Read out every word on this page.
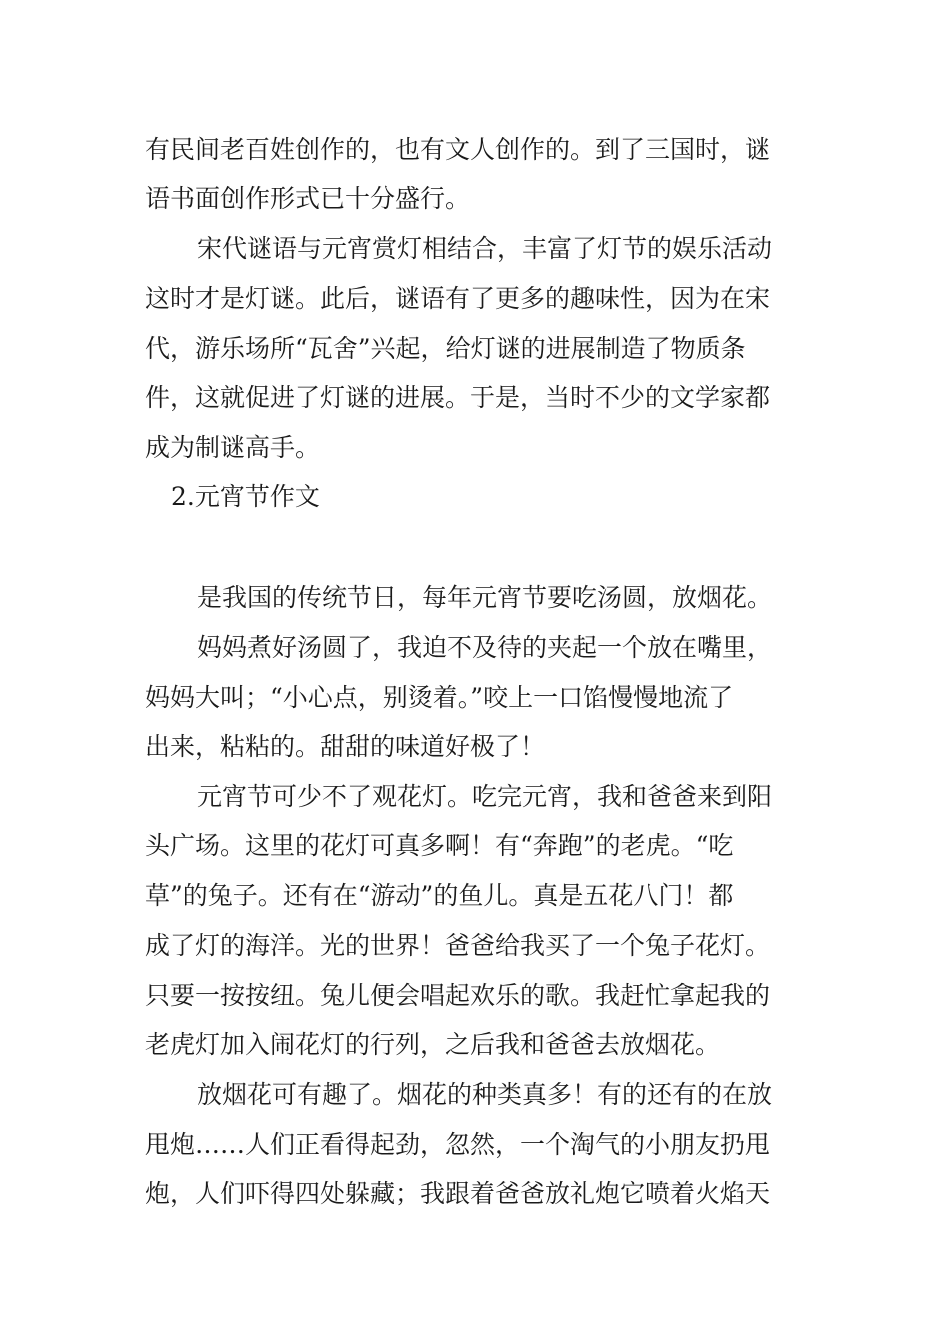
有民间老百姓创作的，也有文人创作的。到了三国时，谜
语书面创作形式已十分盛行。
宋代谜语与元宵赏灯相结合，丰富了灯节的娱乐活动
这时才是灯谜。此后，谜语有了更多的趣味性，因为在宋
代，游乐场所“瓦舍”兴起，给灯谜的进展制造了物质条
件，这就促进了灯谜的进展。于是，当时不少的文学家都
成为制谜高手。
2.元宵节作文
是我国的传统节日，每年元宵节要吃汤圆，放烟花。
妈妈煮好汤圆了，我迫不及待的夹起一个放在嘴里，
妈妈大叫；“小心点，别烫着。”咬上一口馅慢慢地流了
出来，粘粘的。甜甜的味道好极了！
元宵节可少不了观花灯。吃完元宵，我和爸爸来到阳
头广场。这里的花灯可真多啊！有“奔跑”的老虎。“吃
草”的兔子。还有在“游动”的鱼儿。真是五花八门！都
成了灯的海洋。光的世界！爸爸给我买了一个兔子花灯。
只要一按按纽。兔儿便会唱起欢乐的歌。我赶忙拿起我的
老虎灯加入闹花灯的行列，之后我和爸爸去放烟花。
放烟花可有趣了。烟花的种类真多！有的还有的在放
甩炮……人们正看得起劲，忽然，一个淘气的小朋友扔甩
炮，人们吓得四处躲藏；我跟着爸爸放礼炮它喷着火焰天
